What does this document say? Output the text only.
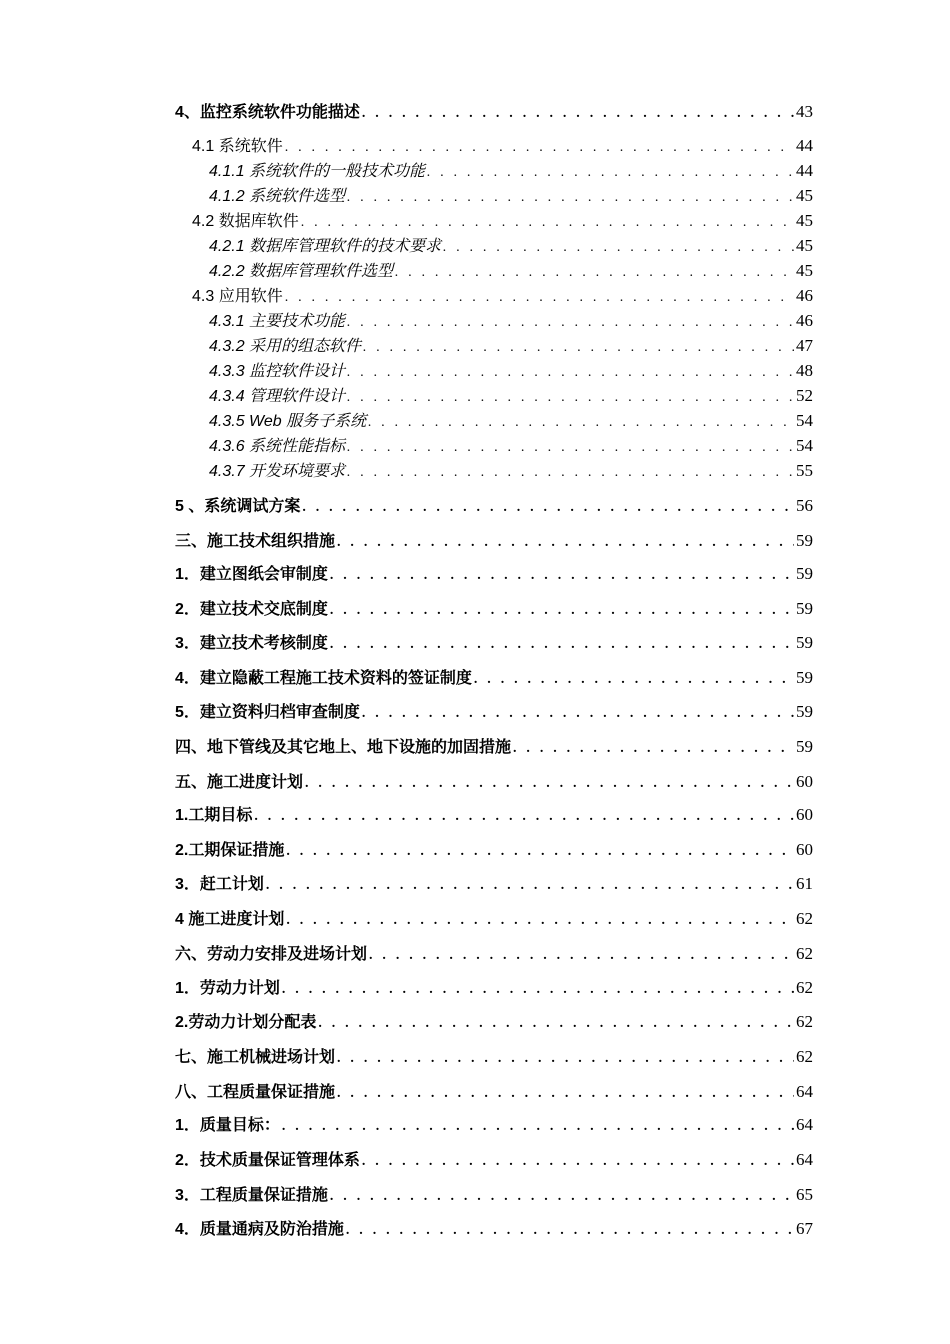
4、监控系统软件功能描述 . . .	43
4.1 系统软件 . . .	44
4.1.1 系统软件的一般技术功能 . . .	44
4.1.2 系统软件选型 . . .	45
4.2 数据库软件 . . .	45
4.2.1 数据库管理软件的技术要求 . . .	45
4.2.2 数据库管理软件选型 . . .	45
4.3 应用软件 . . .	46
4.3.1 主要技术功能 . . .	46
4.3.2 采用的组态软件 . . .	47
4.3.3 监控软件设计 . . .	48
4.3.4 管理软件设计 . . .	52
4.3.5 Web 服务子系统 . . .	54
4.3.6 系统性能指标 . . .	54
4.3.7 开发环境要求 . . .	55
5 、系统调试方案 . . .	56
三、施工技术组织措施 . . .	59
1．建立图纸会审制度 . . .	59
2．建立技术交底制度 . . .	59
3．建立技术考核制度 . . .	59
4．建立隐蔽工程施工技术资料的签证制度 . . .	59
5．建立资料归档审查制度 . . .	59
四、地下管线及其它地上、地下设施的加固措施 . . .	59
五、施工进度计划 . . .	60
1.工期目标 . . .	60
2.工期保证措施 . . .	60
3．赶工计划 . . .	61
4 施工进度计划 . . .	62
六、劳动力安排及进场计划 . . .	62
1．劳动力计划 . . .	62
2.劳动力计划分配表 . . .	62
七、施工机械进场计划 . . .	62
八、工程质量保证措施 . . .	64
1．质量目标： . . .	64
2．技术质量保证管理体系 . . .	64
3．工程质量保证措施 . . .	65
4．质量通病及防治措施 . . .	67
